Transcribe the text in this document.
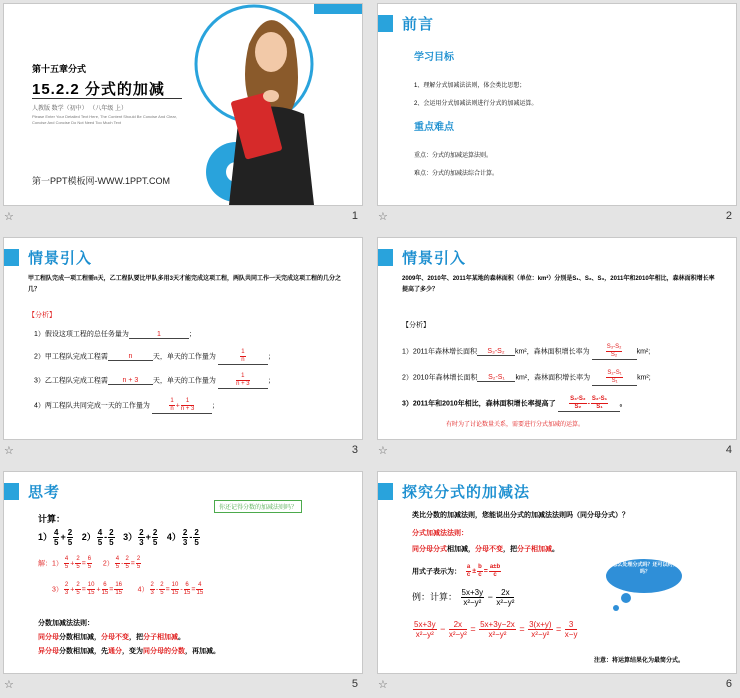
第十五章分式
15.2.2 分式的加减
人教版 数学（初中） （八年级 上）
Please Enter Your Detailed Text Here, The Content Should Be Concise And Clear, Concise And Concise Do Not Need Too Much Text
第一PPT模板网-WWW.1PPT.COM
☆	1
前言
学习目标
1、理解分式加减法法则，体会类比思想；
2、会运用分式加减法则进行分式的加减运算。
重点难点
重点：分式的加减运算法则。
难点：分式的加减法综合计算。
☆	2
情景引入
甲工程队完成一项工程需n天，乙工程队要比甲队多用3天才能完成这项工程，两队共同工作一天完成这项工程的几分之几？
【分析】
1）假设这项工程的总任务量为	1	；
2）甲工程队完成工程需	n	天，单天的工作量为	$\frac{1}{n}$	；
3）乙工程队完成工程需 n + 3 天，单天的工作量为	$\frac{1}{n + 3}$	；
4）两工程队共同完成一天的工作量为	$\frac{1}{n} + \frac{1}{n + 3}$	；
☆	3
情景引入
2009年、2010年、2011年某地的森林面积（单位：km²）分别是S₁、S₂、S₃，2011年和2010年相比，森林面积增长率提高了多少？
【分析】
1）2011年森林增长面积 S₃-S₂ km²，森林面积增长率为	$\frac{\text{S₃-S₂}}{\text{S₂}} km^2$;
2）2010年森林增长面积 S₂-S₁ km²，森林面积增长率为	$\frac{\text{S₂-S₁}}{\text{S₁}} km^2$;
3）2011年和2010年相比，森林面积增长率提高了 $\frac{\text{S₃-S₂}}{\text{S₂}} - \frac{\text{S₂-S₁}}{\text{S₁}}$ 。
有时为了讨论数量关系，需要进行分式加减的运算。
☆	4
思考
你还记得分数的加减法则吗？
计算：
$1) \frac{4}{5} + \frac{2}{5} 2) \frac{4}{5} - \frac{2}{5} 3) \frac{2}{3} + \frac{2}{5} 4) \frac{2}{3} - \frac{2}{5}$
解：$1) \frac{4}{5} + \frac{2}{5} = \frac{6}{5} 2) \frac{4}{5} - \frac{2}{5} = \frac{2}{5}$
$3) \frac{2}{3} + \frac{2}{5} = \frac{10}{15} + \frac{6}{15} = \frac{16}{15} 4) \frac{2}{3} - \frac{2}{5} = \frac{10}{15} - \frac{6}{15} = \frac{4}{15}$
分数加减法法则：
同分母分数相加减，分母不变，把分子相加减。
异分母分数相加减，先通分，变为同分母的分数，再加减。
☆	5
探究分式的加减法
类比分数的加减法则，您能说出分式的加减法法则吗（同分母分式）？
分式加减法法则：
同分母分式相加减，分母不变，把分子相加减。
用式子表示为： $\frac{a}{c} \pm \frac{b}{c} = \frac{a\pm b}{c}$
例：计算： $\frac{5x+3y}{\text{x²−y²}} - \frac{2x}{\text{x²−y²}}$
$\frac{5x+3y}{\text{x²−y²}} - \frac{2x}{\text{x²−y²}} = \frac{5x+3y-2x}{\text{x²−y²}} = \frac{3(x+y)}{\text{x²−y²}} = \frac{3}{x-y}$
怎么处理分式吗？还可以约分吗？
注意：将运算结果化为最简分式。
☆	6
